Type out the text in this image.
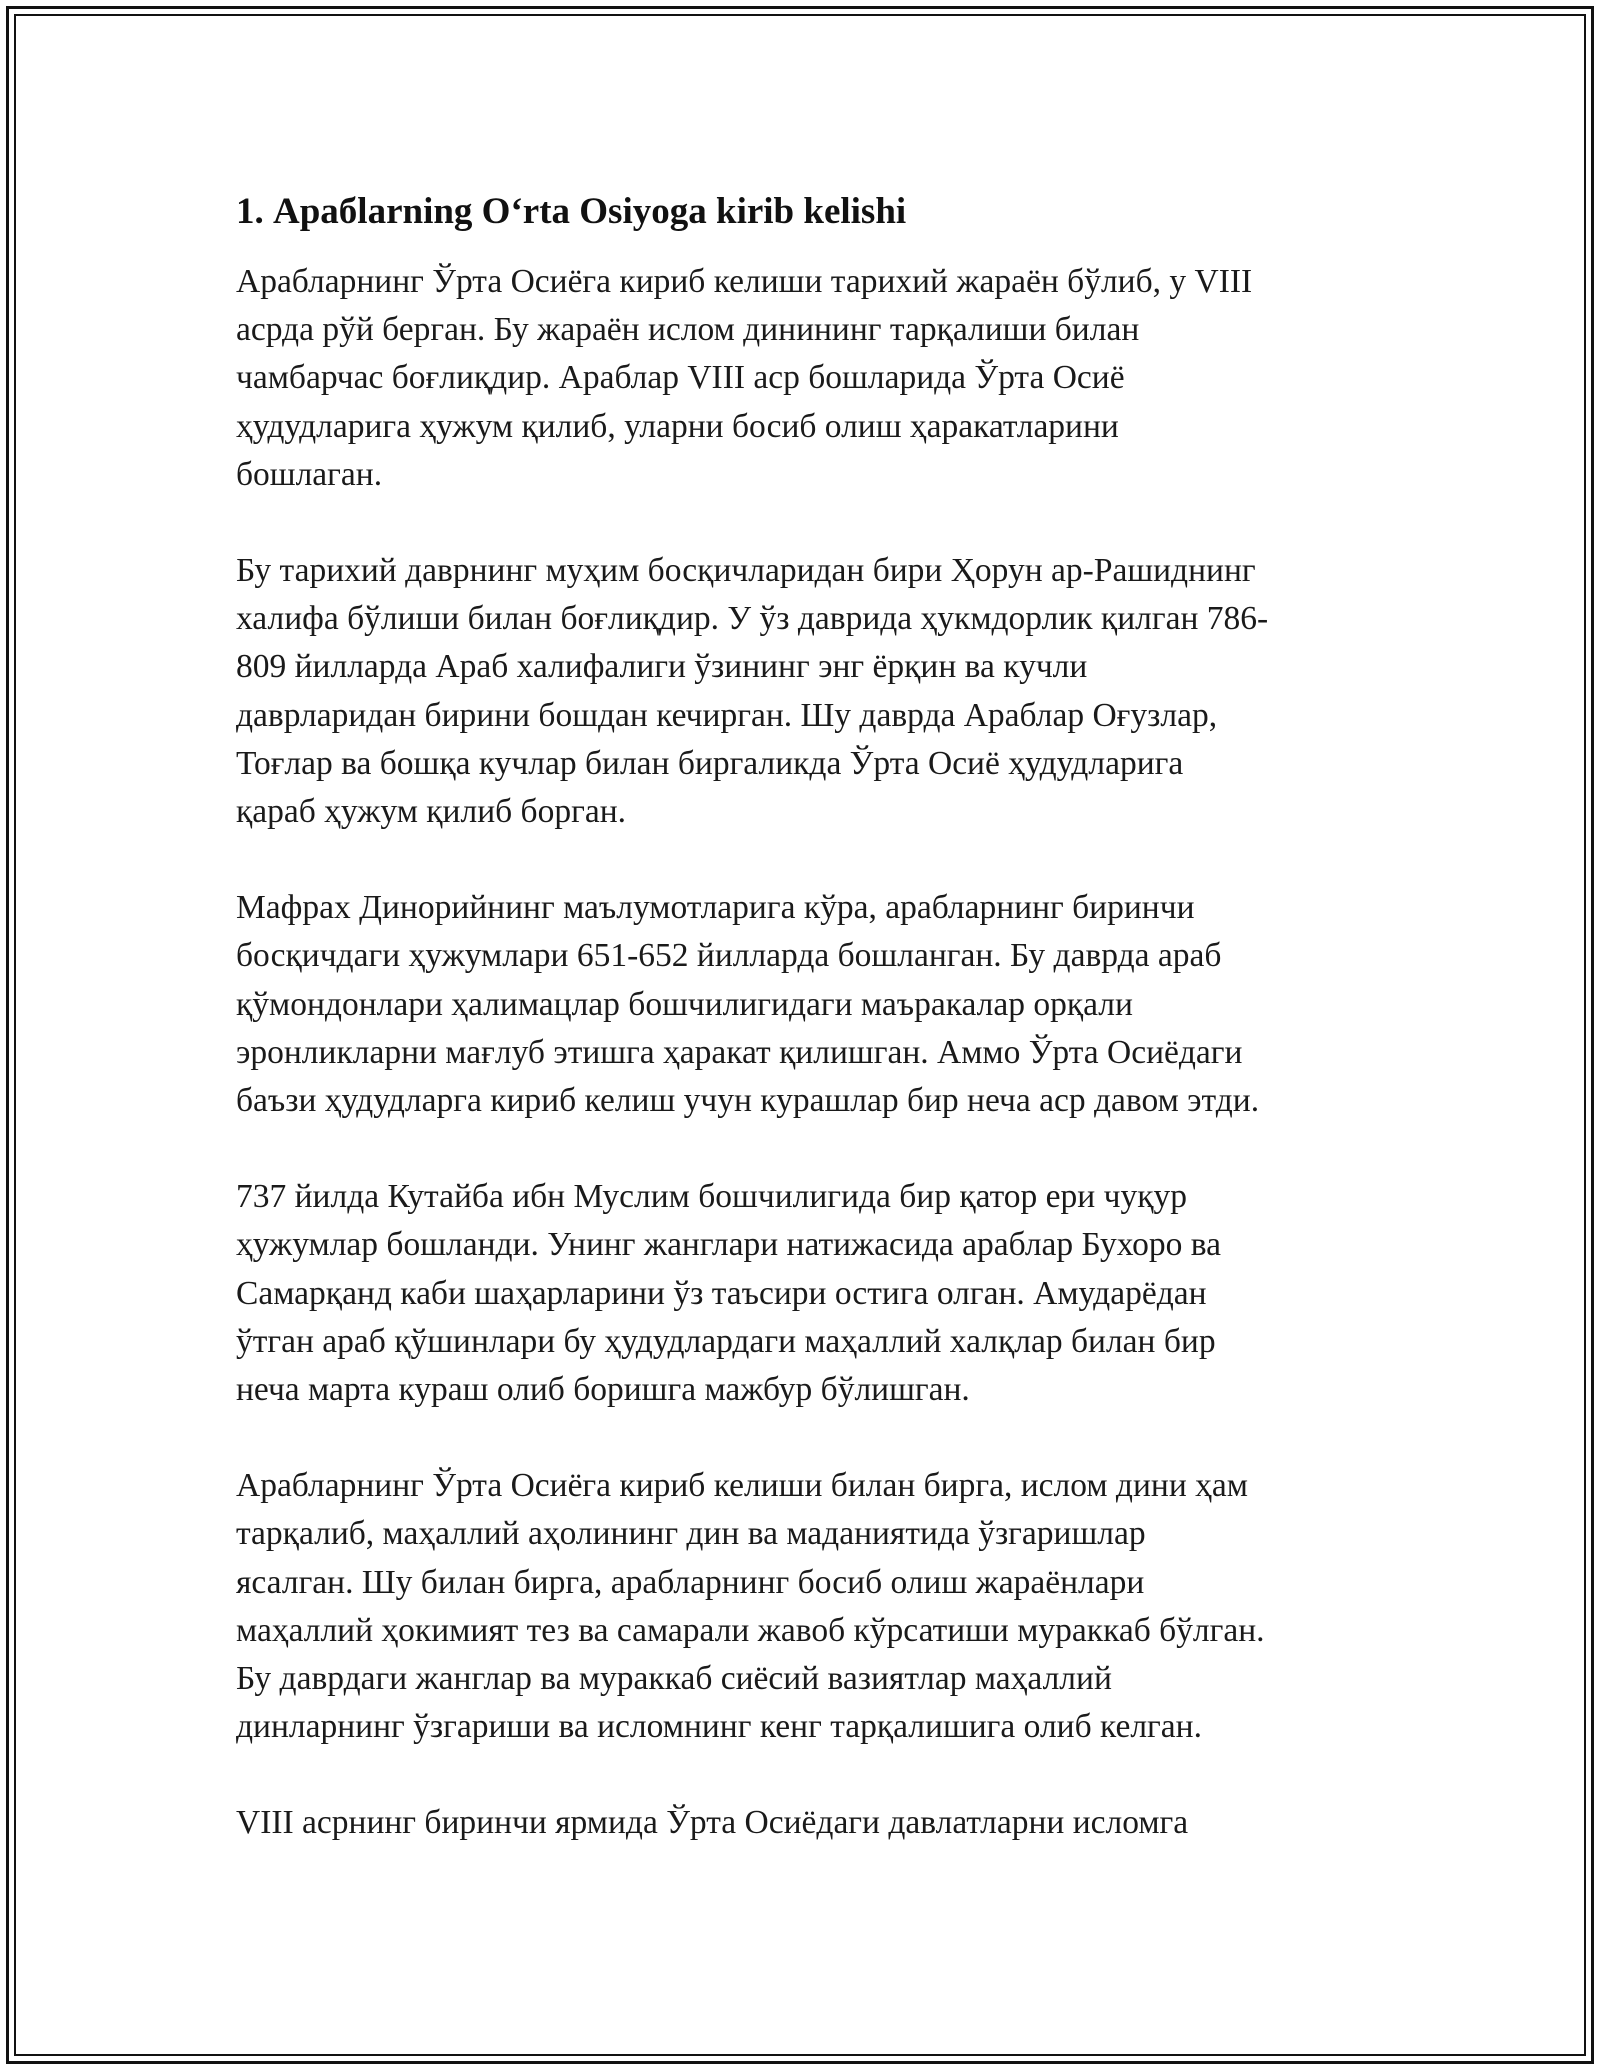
1. Арaбlarning O‘rta Osiyoga kirib kelishi

Арабларнинг Ўрта Осиёга кириб келиши тарихий жараён бўлиб, у VIII
асрда рўй берган. Бу жараён ислом динининг тарқалиши билан
чамбарчас боғлиқдир. Араблар VIII аср бошларида Ўрта Осиё
ҳудудларига ҳужум қилиб, уларни босиб олиш ҳаракатларини
бошлаган.

Бу тарихий даврнинг муҳим босқичларидан бири Ҳорун ар-Рашиднинг
халифа бўлиши билан боғлиқдир. У ўз даврида ҳукмдорлик қилган 786-
809 йилларда Араб халифалиги ўзининг энг ёрқин ва кучли
даврларидан бирини бошдан кечирган. Шу даврда Араблар Оғузлар,
Тоғлар ва бошқа кучлар билан биргаликда Ўрта Осиё ҳудудларига
қараб ҳужум қилиб борган.

Мафрах Динорийнинг маълумотларига кўра, арабларнинг биринчи
босқичдаги ҳужумлари 651-652 йилларда бошланган. Бу даврда араб
қўмондонлари ҳалимацлар бошчилигидаги маъракалар орқали
эронликларни мағлуб этишга ҳаракат қилишган. Аммо Ўрта Осиёдаги
баъзи ҳудудларга кириб келиш учун курашлар бир неча аср давом этди.

737 йилда Кутайба ибн Муслим бошчилигида бир қатор ери чуқур
ҳужумлар бошланди. Унинг жанглари натижасида араблар Бухоро ва
Самарқанд каби шаҳарларини ўз таъсири остига олган. Амударёдан
ўтган араб қўшинлари бу ҳудудлардаги маҳаллий халқлар билан бир
неча марта кураш олиб боришга мажбур бўлишган.

Арабларнинг Ўрта Осиёга кириб келиши билан бирга, ислом дини ҳам
тарқалиб, маҳаллий аҳолининг дин ва маданиятида ўзгаришлар
ясалган. Шу билан бирга, арабларнинг босиб олиш жараёнлари
маҳаллий ҳокимият тез ва самарали жавоб кўрсатиши мураккаб бўлган.
Бу даврдаги жанглар ва мураккаб сиёсий вазиятлар маҳаллий
динларнинг ўзгариши ва исломнинг кенг тарқалишига олиб келган.

VIII асрнинг биринчи ярмида Ўрта Осиёдаги давлатларни исломга
